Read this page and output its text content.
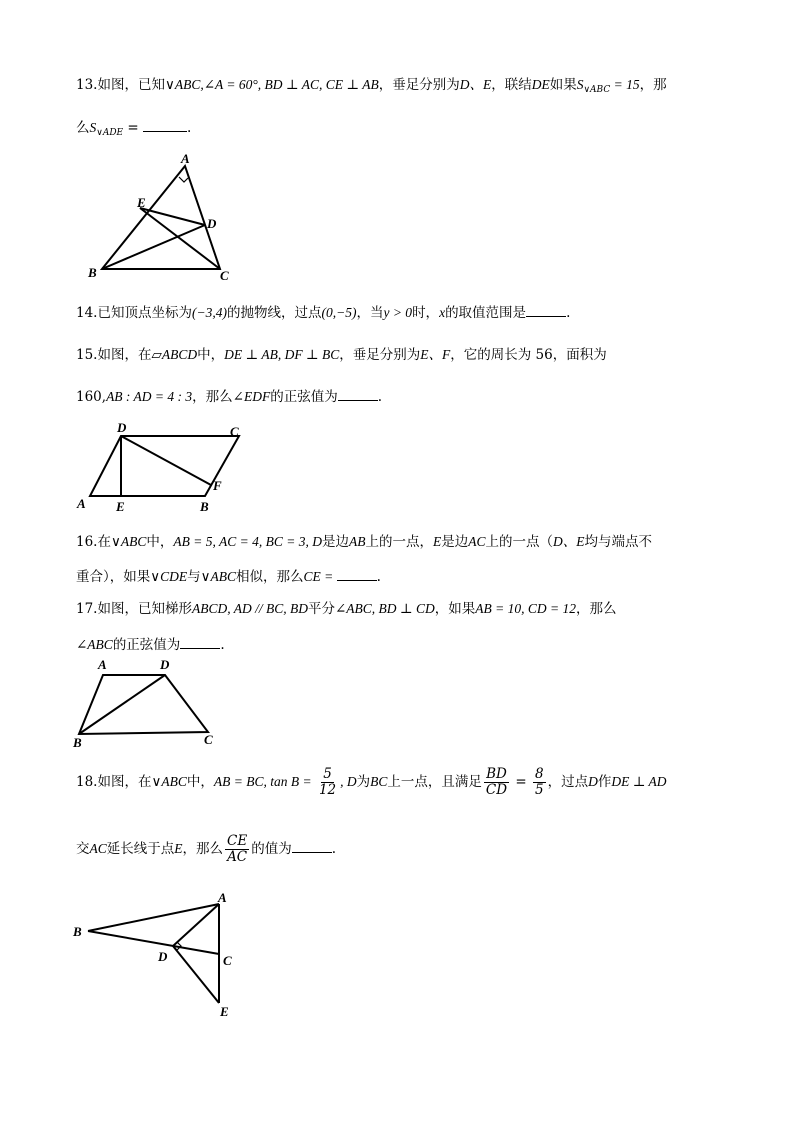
13.如图，已知∨ABC,∠A = 60°, BD ⊥ AC, CE ⊥ AB，垂足分别为D、E，联结DE如果$S_{\vee ABC} = 15$，那
么$S_{\vee ADE}$ =	.
A
E
D
B	C
14.已知顶点坐标为(−3,4)的抛物线，过点(0,−5)，当y > 0时，x的取值范围是	.
15.如图，在▱ABCD中，DE ⊥ AB, DF ⊥ BC，垂足分别为E、F，它的周长为 56，面积为
160,AB : AD = 4 : 3，那么∠EDF的正弦值为	.
D	C
F
A E	B
16.在∨ABC中，AB = 5, AC = 4, BC = 3, D是边AB上的一点，E是边AC上的一点（D、E均与端点不
重合），如果∨CDE与∨ABC相似，那么CE =	.
17.如图，已知梯形ABCD, AD // BC, BD平分∠ABC, BD ⊥ CD，如果AB = 10, CD = 12，那么
∠ABC的正弦值为	.
A	D
B	C
18.如图，在∨ABC中，AB = BC, $\tan B = \frac{5}{12}$ , D为BC上一点，且满足 $\frac{BD}{CD} = \frac{8}{5}$ ，过点D作DE ⊥ AD
交AC延长线于点E，那么 $\frac{CE}{AC}$ 的值为	.
A
B
D	C
E
